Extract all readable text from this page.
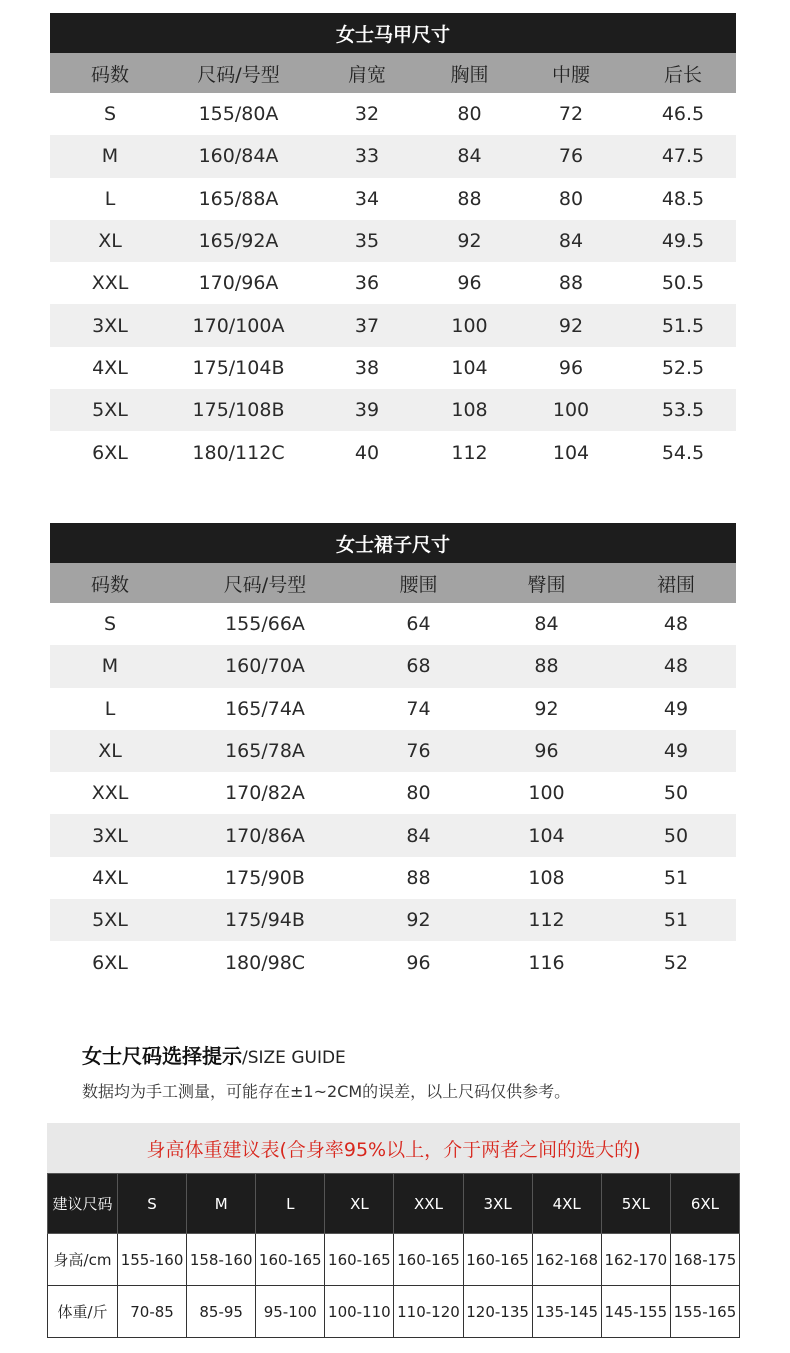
女士马甲尺寸
码数	尺码/号型	肩宽	胸围	中腰	后长
S	155/80A	32	80	72	46.5
M	160/84A	33	84	76	47.5
L	165/88A	34	88	80	48.5
XL	165/92A	35	92	84	49.5
XXL	170/96A	36	96	88	50.5
3XL	170/100A	37	100	92	51.5
4XL	175/104B	38	104	96	52.5
5XL	175/108B	39	108	100	53.5
6XL	180/112C	40	112	104	54.5
女士裙子尺寸
码数	尺码/号型	腰围	臀围	裙围
S	155/66A	64	84	48
M	160/70A	68	88	48
L	165/74A	74	92	49
XL	165/78A	76	96	49
XXL	170/82A	80	100	50
3XL	170/86A	84	104	50
4XL	175/90B	88	108	51
5XL	175/94B	92	112	51
6XL	180/98C	96	116	52
女士尺码选择提示/SIZE GUIDE
数据均为手工测量，可能存在±1~2CM的误差，以上尺码仅供参考。
身高体重建议表(合身率95%以上，介于两者之间的选大的)
建议尺码	S	M	L	XL	XXL	3XL	4XL	5XL	6XL
身高/cm	155-160	158-160	160-165	160-165	160-165	160-165	162-168	162-170	168-175
体重/斤	70-85	85-95	95-100	100-110	110-120	120-135	135-145	145-155	155-165
